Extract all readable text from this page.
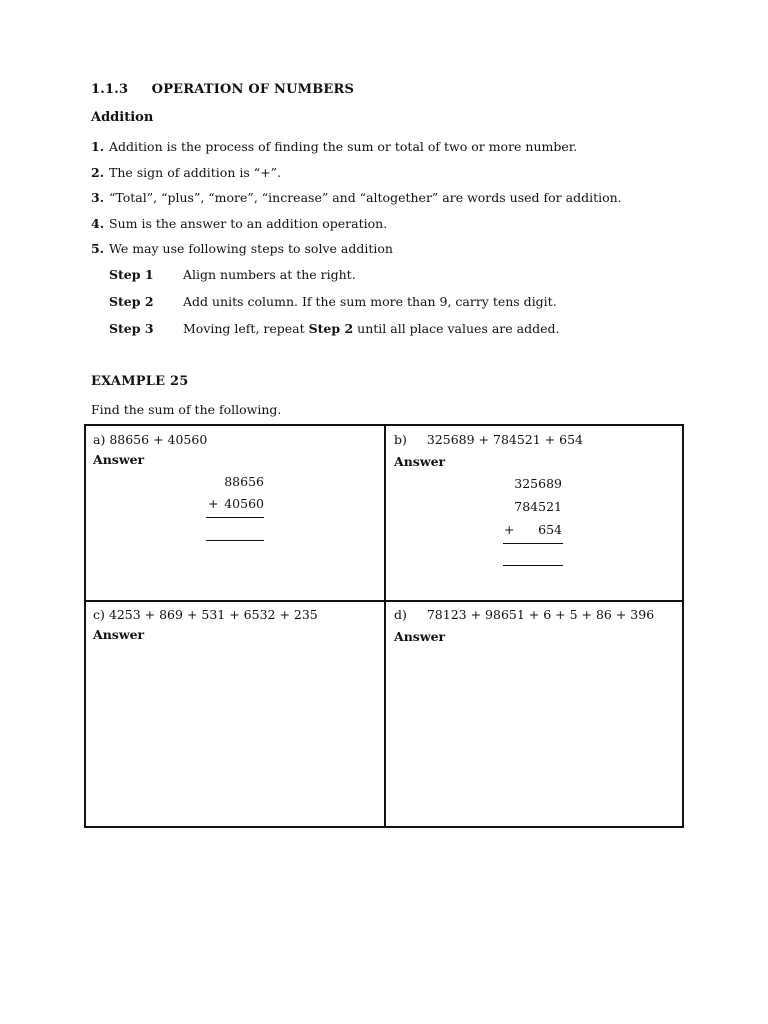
1.1.3 OPERATION OF NUMBERS
Addition
1. Addition is the process of finding the sum or total of two or more number.
2. The sign of addition is “+”.
3. “Total”, “plus”, “more”, “increase” and “altogether” are words used for addition.
4. Sum is the answer to an addition operation.
5. We may use following steps to solve addition
Step 1 Align numbers at the right.
Step 2 Add units column. If the sum more than 9, carry tens digit.
Step 3 Moving left, repeat Step 2 until all place values are added.
EXAMPLE 25
Find the sum of the following.
a) 88656 + 40560
Answer
88656
+ 40560
b) 325689 + 784521 + 654
Answer
325689
784521
+	654
c) 4253 + 869 + 531 + 6532 + 235
Answer
d) 78123 + 98651 + 6 + 5 + 86 + 396
Answer
